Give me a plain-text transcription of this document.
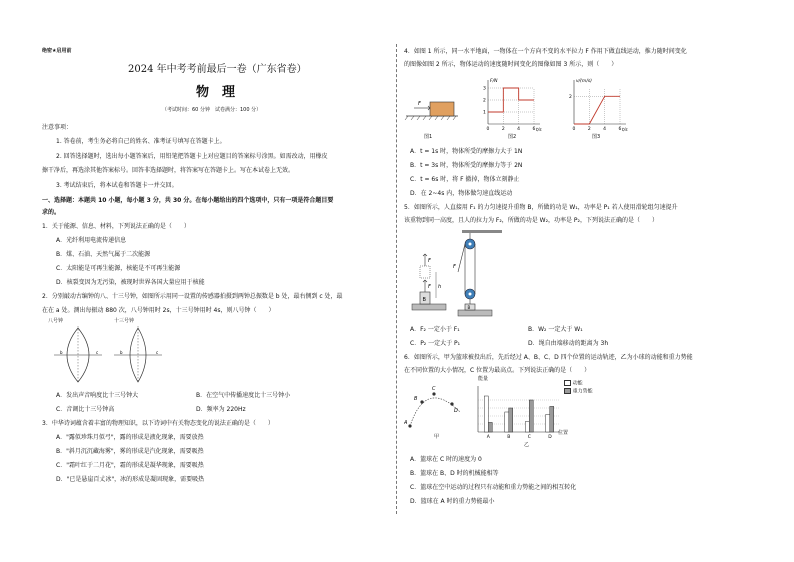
绝密★启用前
2024 年中考考前最后一卷（广东省卷）
物　理
（考试时间：60 分钟　试卷满分：100 分）
注意事项：
1. 答卷前，考生务必将自己的姓名、准考证号填写在答题卡上。
2. 回答选择题时，选出每小题答案后，用铅笔把答题卡上对应题目的答案标号涂黑。如需改动，用橡皮
擦干净后，再选涂其他答案标号。回答非选择题时，将答案写在答题卡上。写在本试卷上无效。
3. 考试结束后，将本试卷和答题卡一并交回。
一、选择题：本题共 10 小题，每小题 3 分，共 30 分。在每小题给出的四个选项中，只有一项是符合题目要
求的。
1．关于能源、信息、材料，下列说法正确的是（　　）
A．光纤利用电流传递信息
B．煤、石油、天然气属于二次能源
C．太阳能是可再生能源，核能是不可再生能源
D．核裂变因为无污染，被现时世界各国大量应用于核能
2．分别敲动古编钟的八、十三号钟，如图所示用同一设置的传感器拍摄到两钟总振数是 b 处，最右侧到 c 处，最
在在 a 处。测出每振动 880 次，八号钟用时 2s，十三号钟用时 4s，则八号钟（　　）
八号钟	十三号钟
b	c	b	c
A．发出声音响度比十三号钟大	B．在空气中传播速度比十三号钟小
C．音调比十三号钟高	D．频率为 220Hz
3．中华诗词蕴含着丰富的物理知识，以下诗词中有关物态变化的说法正确的是（　　）
A．"露似珍珠月似弓"，露的形成是液化现象，需要放热
B．"斜月沉沉藏海雾"，雾的形成是汽化现象，需要吸热
C．"霜叶红于二月花"，霜的形成是凝华现象，需要吸热
D．"已是悬崖百丈冰"，冰的形成是凝固现象，需要吸热
4．如图 1 所示，同一水平地面，一物体在一个方向不变的水平拉力 F 作用下做直线运动，推力随时间变化
的图像如图 2 所示，物体运动的速度随时间变化的图像如图 3 所示，则（　　）
F
图1
F/N
t/s
0	2	4	6
1
2
3
图2
v/(m/s)
t/s
0	2	4	6
2
图3
A．t = 1s 时，物体所受的摩擦力大于 1N
B．t = 3s 时，物体所受的摩擦力等于 2N
C．t = 6s 时，将 F 撤掉，物体立刻静止
D．在 2~4s 内，物体做匀速直线运动
5．如图所示，人直接用 F₁ 的力匀速提升重物 B，所做的功是 W₁，功率是 P₁ 若人使用滑轮组匀速提升
该重物到同一高度，且人的拉力为 F₂，所做的功是 W₂，功率是 P₂，下列说法正确的是（　　）
B
F
F
h
F
B
A．F₂ 一定小于 F₁	B．W₂ 一定大于 W₁
C．P₂ 一定大于 P₁	D．绳自由端移动的距离为 3h
6．如图所示，甲为篮球被投出后，先后经过 A、B、C、D 四个位置的运动轨迹，乙为小球的动能和重力势能
在不同位置的大小情况，C 位置为最高点。下列说法正确的是（　　）
A
B
C
D
甲
能量
位置
动能
重力势能
A	B	C	D
乙
A．篮球在 C 时的速度为 0
B．篮球在 B、D 时的机械能相等
C．篮球在空中运动的过程只有动能和重力势能之间的相互转化
D．篮球在 A 时的重力势能最小
